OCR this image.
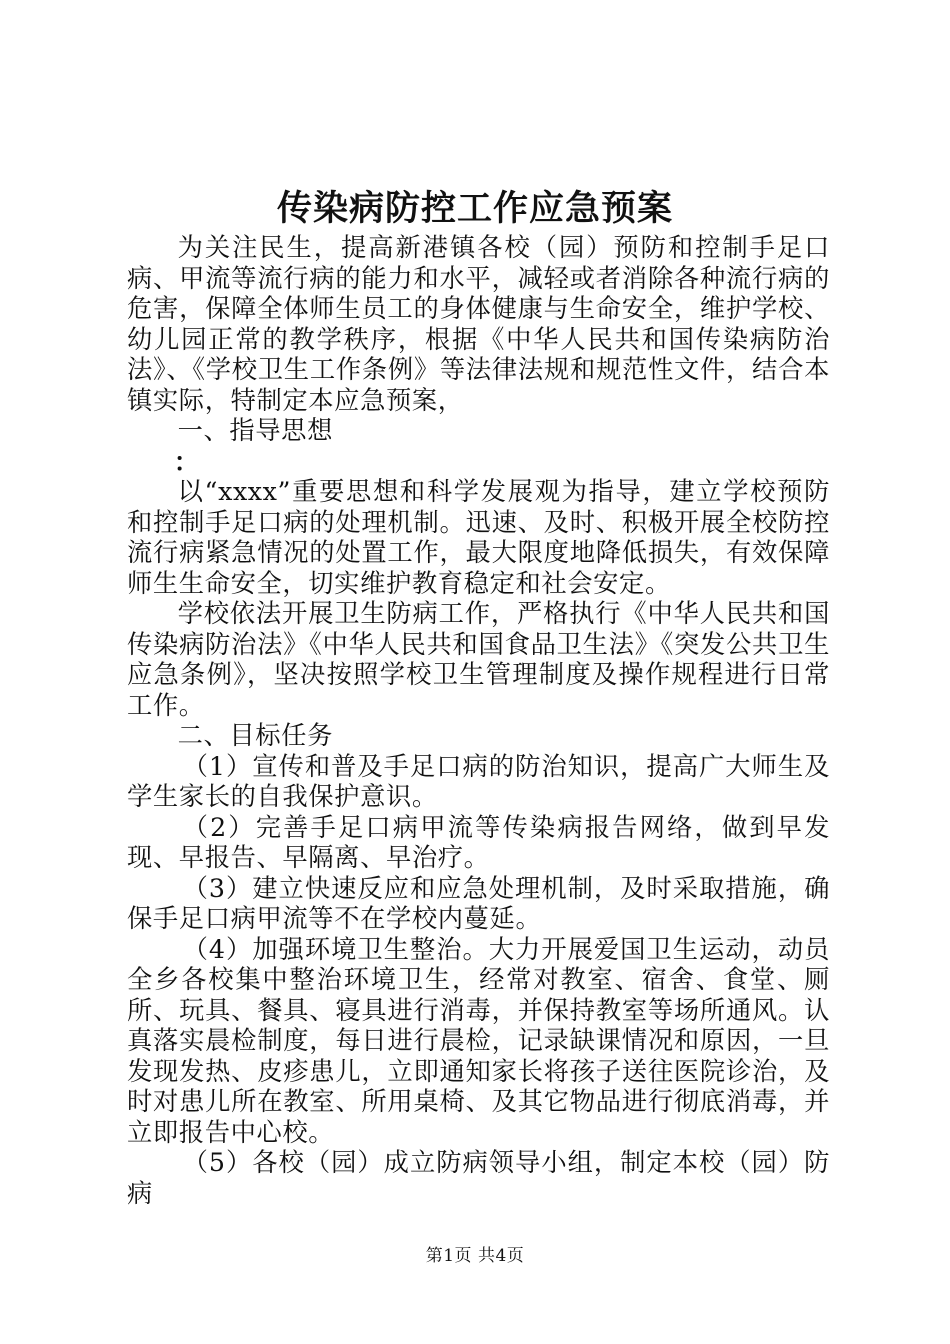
传染病防控工作应急预案

为关注民生，提高新港镇各校（园）预防和控制手足口病、甲流等流行病的能力和水平，减轻或者消除各种流行病的危害，保障全体师生员工的身体健康与生命安全，维护学校、幼儿园正常的教学秩序，根据《中华人民共和国传染病防治法》、《学校卫生工作条例》等法律法规和规范性文件，结合本镇实际，特制定本应急预案，

一、指导思想

：

以“xxxx”重要思想和科学发展观为指导，建立学校预防和控制手足口病的处理机制。迅速、及时、积极开展全校防控流行病紧急情况的处置工作，最大限度地降低损失，有效保障师生生命安全，切实维护教育稳定和社会安定。

学校依法开展卫生防病工作，严格执行《中华人民共和国传染病防治法》《中华人民共和国食品卫生法》《突发公共卫生应急条例》，坚决按照学校卫生管理制度及操作规程进行日常工作。

二、目标任务

（1）宣传和普及手足口病的防治知识，提高广大师生及学生家长的自我保护意识。

（2）完善手足口病甲流等传染病报告网络，做到早发现、早报告、早隔离、早治疗。

（3）建立快速反应和应急处理机制，及时采取措施，确保手足口病甲流等不在学校内蔓延。

（4）加强环境卫生整治。大力开展爱国卫生运动，动员全乡各校集中整治环境卫生，经常对教室、宿舍、食堂、厕所、玩具、餐具、寝具进行消毒，并保持教室等场所通风。认真落实晨检制度，每日进行晨检，记录缺课情况和原因，一旦发现发热、皮疹患儿，立即通知家长将孩子送往医院诊治，及时对患儿所在教室、所用桌椅、及其它物品进行彻底消毒，并立即报告中心校。

（5）各校（园）成立防病领导小组，制定本校（园）防病

第1页 共4页
